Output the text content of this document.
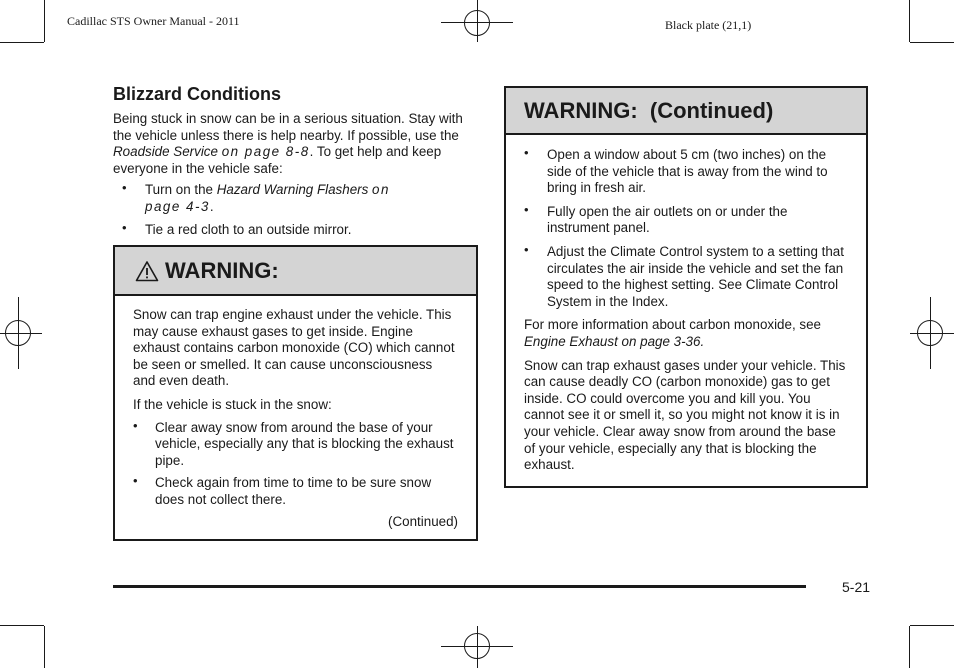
Cadillac STS Owner Manual - 2011	Black plate (21,1)
Blizzard Conditions

Being stuck in snow can be in a serious situation. Stay with the vehicle unless there is help nearby. If possible, use the Roadside Service on page 8-8. To get help and keep everyone in the vehicle safe:

• Turn on the Hazard Warning Flashers on
page 4-3.
• Tie a red cloth to an outside mirror.
WARNING:

Snow can trap engine exhaust under the vehicle. This may cause exhaust gases to get inside. Engine exhaust contains carbon monoxide (CO) which cannot be seen or smelled. It can cause unconsciousness and even death.

If the vehicle is stuck in the snow:

• Clear away snow from around the base of your vehicle, especially any that is blocking the exhaust pipe.
• Check again from time to time to be sure snow does not collect there.
(Continued)
WARNING:  (Continued)
• Open a window about 5 cm (two inches) on the side of the vehicle that is away from the wind to bring in fresh air.
• Fully open the air outlets on or under the instrument panel.
• Adjust the Climate Control system to a setting that circulates the air inside the vehicle and set the fan speed to the highest setting. See Climate Control System in the Index.

For more information about carbon monoxide, see Engine Exhaust on page 3-36.

Snow can trap exhaust gases under your vehicle. This can cause deadly CO (carbon monoxide) gas to get inside. CO could overcome you and kill you. You cannot see it or smell it, so you might not know it is in your vehicle. Clear away snow from around the base of your vehicle, especially any that is blocking the exhaust.

5-21
